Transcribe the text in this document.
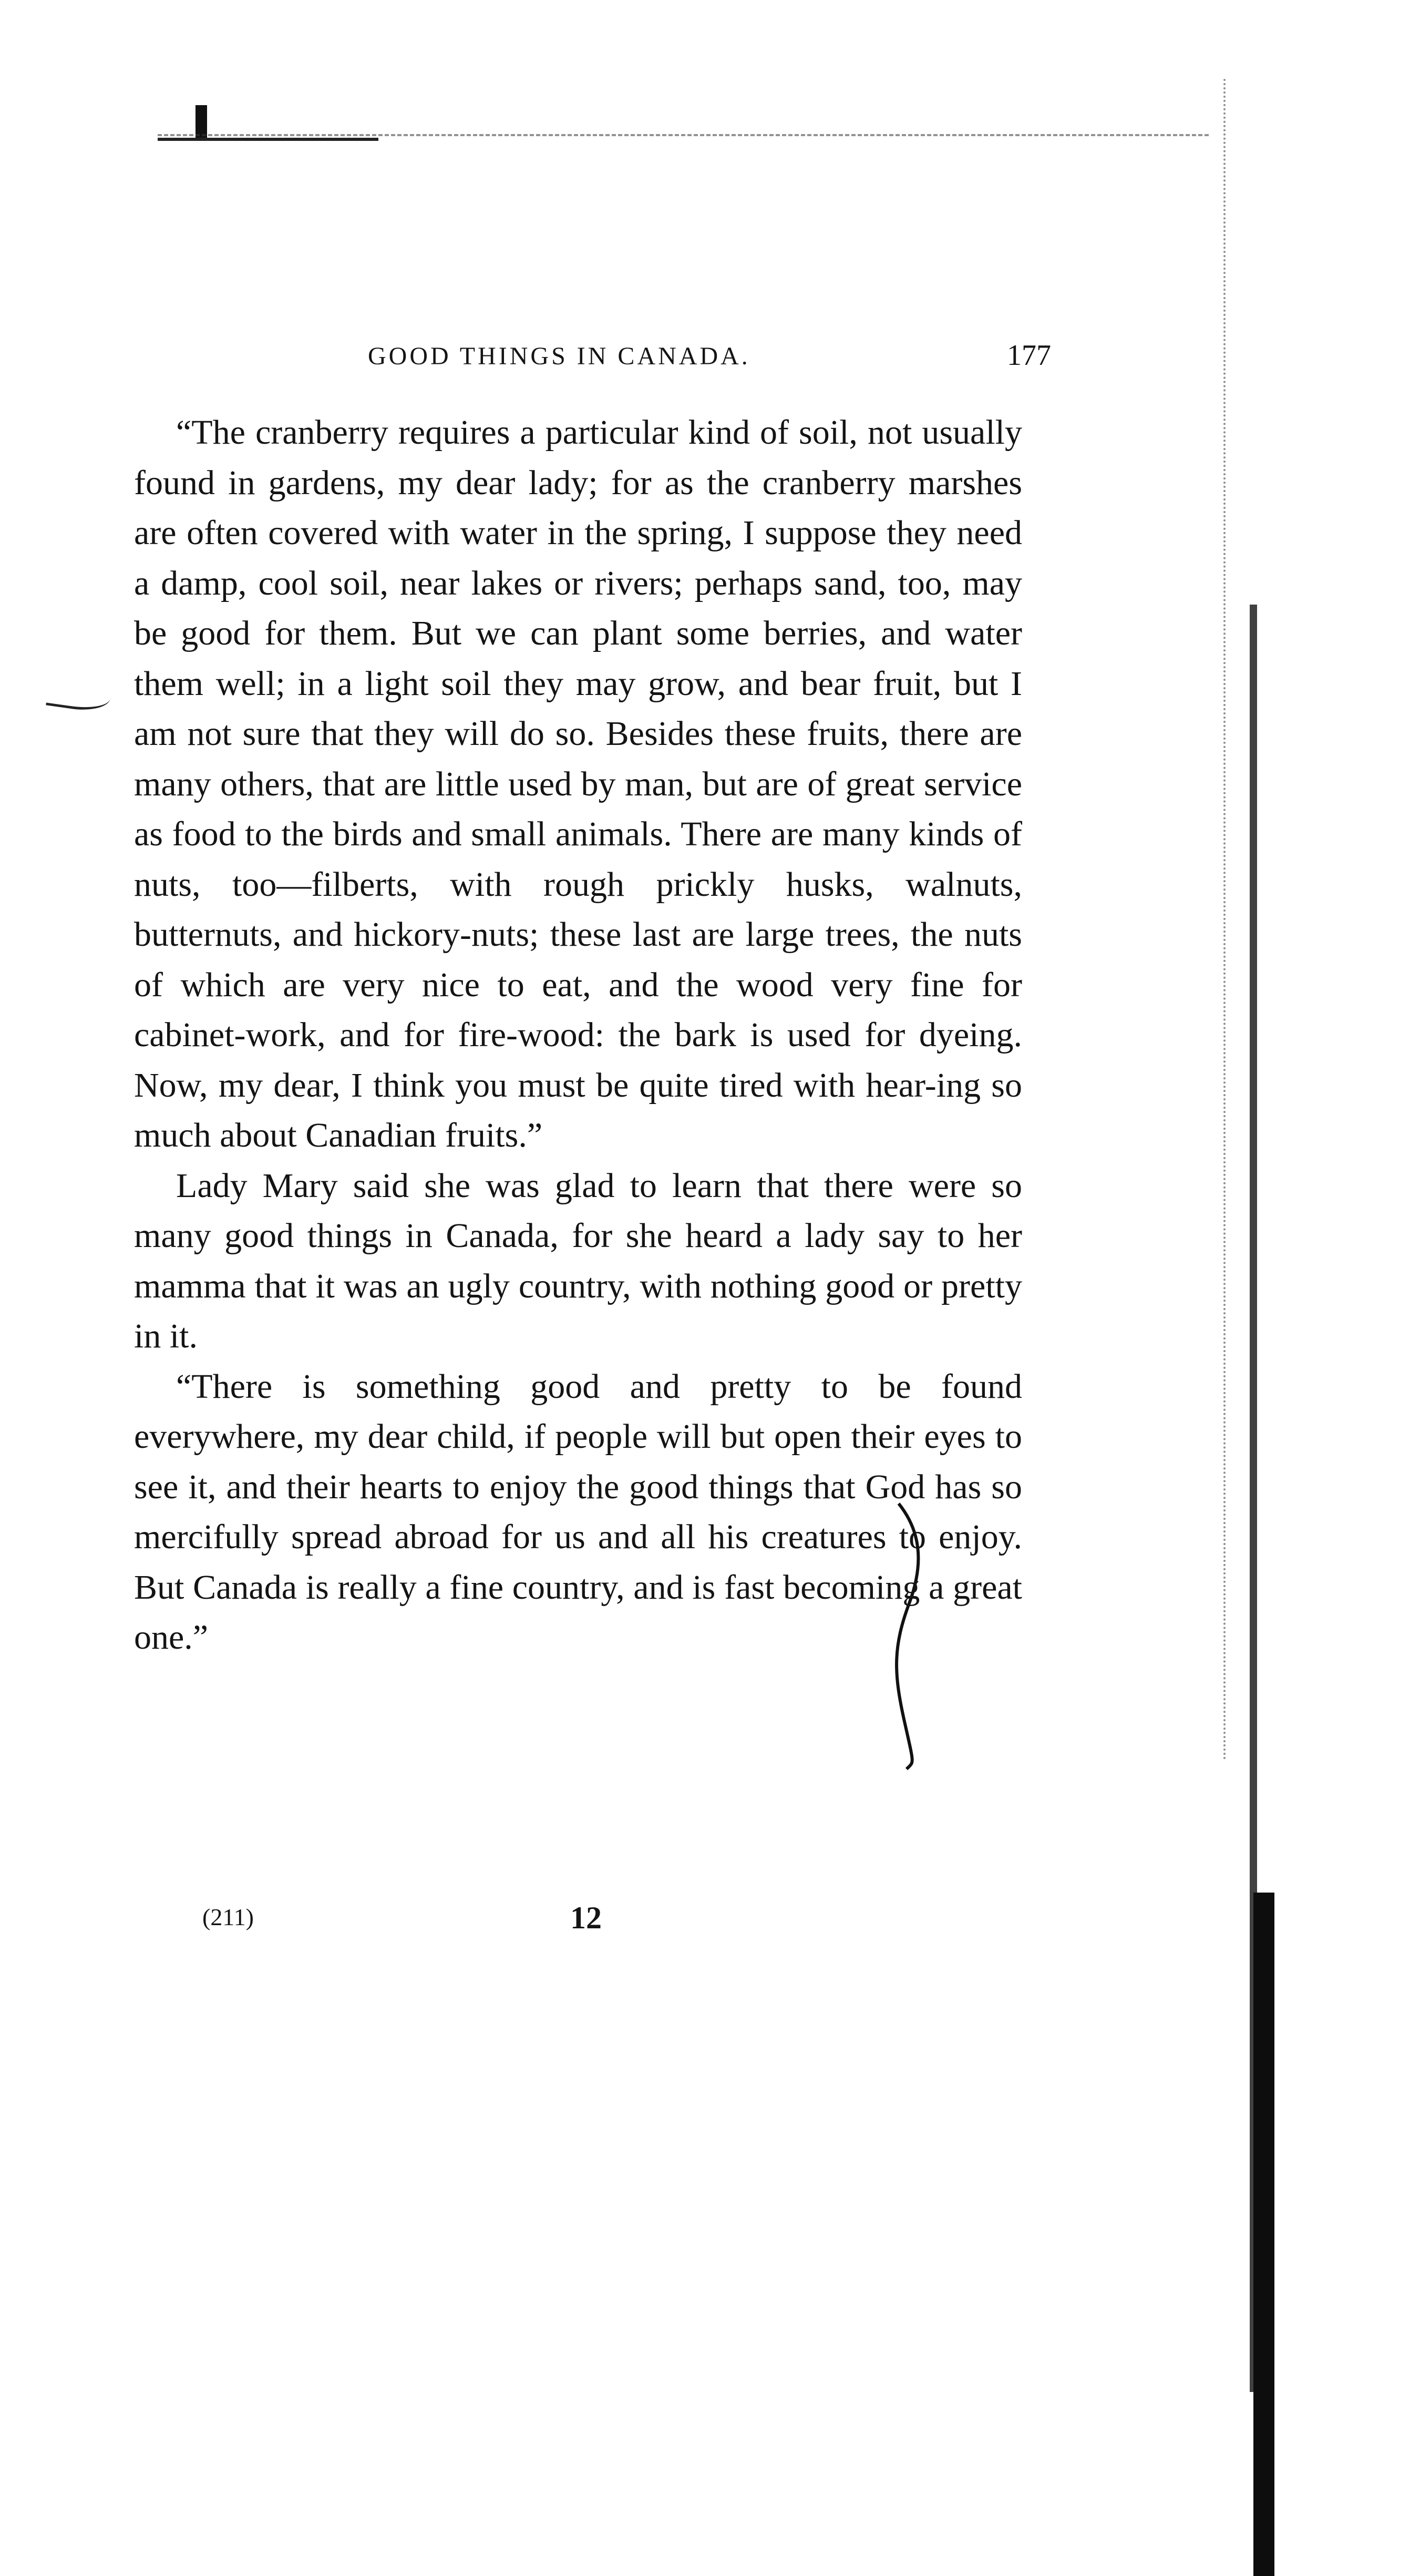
GOOD THINGS IN CANADA.	177

“The cranberry requires a particular kind of soil, not usually found in gardens, my dear lady; for as the cranberry marshes are often covered with water in the spring, I suppose they need a damp, cool soil, near lakes or rivers; perhaps sand, too, may be good for them. But we can plant some berries, and water them well; in a light soil they may grow, and bear fruit, but I am not sure that they will do so. Besides these fruits, there are many others, that are little used by man, but are of great service as food to the birds and small animals. There are many kinds of nuts, too—filberts, with rough prickly husks, walnuts, butternuts, and hickory-nuts; these last are large trees, the nuts of which are very nice to eat, and the wood very fine for cabinet-work, and for fire-wood: the bark is used for dyeing. Now, my dear, I think you must be quite tired with hear-ing so much about Canadian fruits.”

Lady Mary said she was glad to learn that there were so many good things in Canada, for she heard a lady say to her mamma that it was an ugly country, with nothing good or pretty in it.

“There is something good and pretty to be found everywhere, my dear child, if people will but open their eyes to see it, and their hearts to enjoy the good things that God has so mercifully spread abroad for us and all his creatures to enjoy. But Canada is really a fine country, and is fast becoming a great one.”

(211)	12
